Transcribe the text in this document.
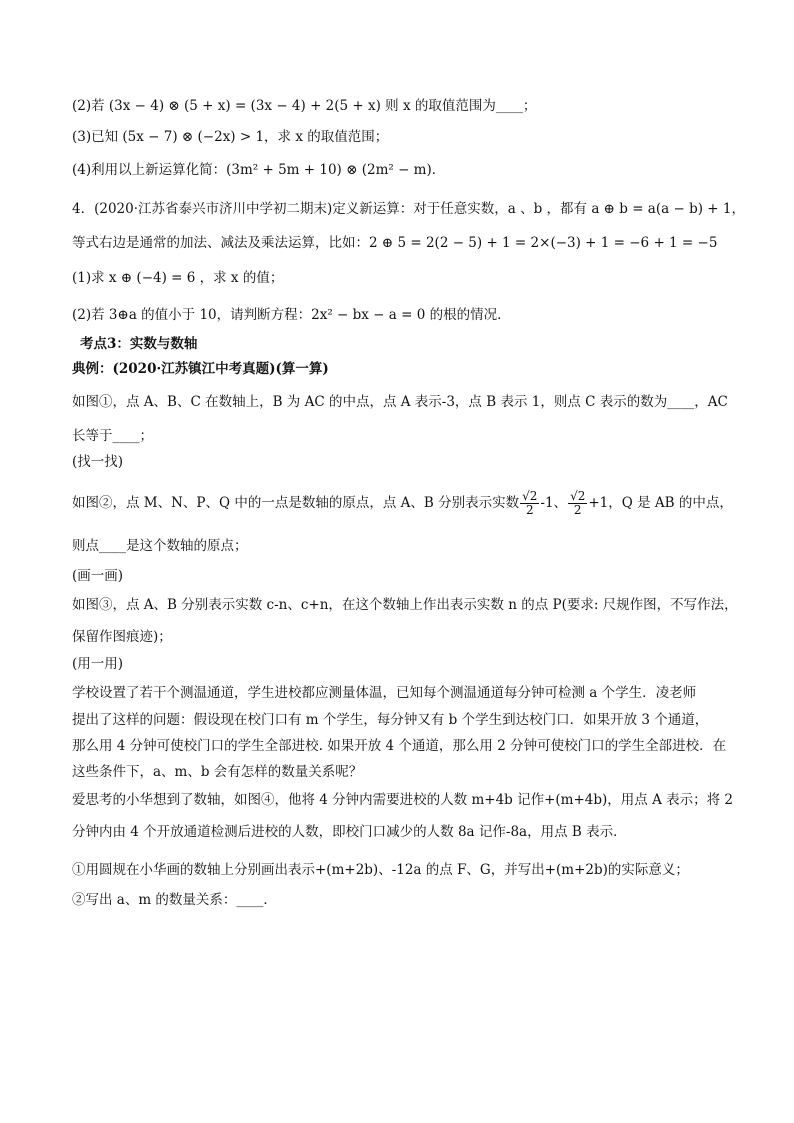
(2)若 (3x − 4) ⊗ (5 + x) = (3x − 4) + 2(5 + x) 则 x 的取值范围为____；
(3)已知 (5x − 7) ⊗ (−2x) > 1，求 x 的取值范围；
(4)利用以上新运算化简：(3m² + 5m + 10) ⊗ (2m² − m)．
4．(2020·江苏省泰兴市济川中学初二期末)定义新运算：对于任意实数，a 、b ，都有 a ⊕ b = a(a − b) + 1，
等式右边是通常的加法、减法及乘法运算，比如：2 ⊕ 5 = 2(2 − 5) + 1 = 2×(−3) + 1 = −6 + 1 = −5
(1)求 x ⊕ (−4) = 6 ，求 x 的值；
(2)若 3⊕a 的值小于 10，请判断方程：2x² − bx − a = 0 的根的情况．
考点3：实数与数轴
典例：(2020·江苏镇江中考真题)(算一算)
如图①，点 A、B、C 在数轴上，B 为 AC 的中点，点 A 表示-3，点 B 表示 1，则点 C 表示的数为____，AC
长等于____；
(找一找)
如图②，点 M、N、P、Q 中的一点是数轴的原点，点 A、B 分别表示实数 $\frac{√2}{2} -1$、 $\frac{√2}{2} +1$，Q 是 AB 的中点，
则点____是这个数轴的原点；
(画一画)
如图③，点 A、B 分别表示实数 c-n、c+n，在这个数轴上作出表示实数 n 的点 P(要求: 尺规作图，不写作法，
保留作图痕迹)；
(用一用)
学校设置了若干个测温通道，学生进校都应测量体温，已知每个测温通道每分钟可检测 a 个学生．凌老师
提出了这样的问题：假设现在校门口有 m 个学生，每分钟又有 b 个学生到达校门口．如果开放 3 个通道，
那么用 4 分钟可使校门口的学生全部进校. 如果开放 4 个通道，那么用 2 分钟可使校门口的学生全部进校．在
这些条件下，a、m、b 会有怎样的数量关系呢？
爱思考的小华想到了数轴，如图④，他将 4 分钟内需要进校的人数 m+4b 记作+(m+4b)，用点 A 表示；将 2
分钟内由 4 个开放通道检测后进校的人数，即校门口减少的人数 8a 记作-8a，用点 B 表示．
①用圆规在小华画的数轴上分别画出表示+(m+2b)、-12a 的点 F、G，并写出+(m+2b)的实际意义；
②写出 a、m 的数量关系：____．
